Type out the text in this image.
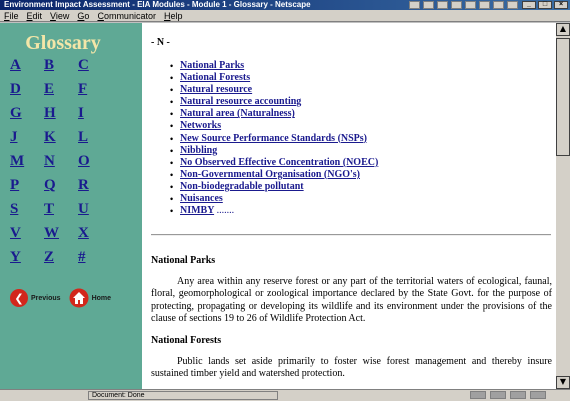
Environment Impact Assessment - EIA Modules - Module 1 - Glossary - Netscape	_	□	×
File Edit View Go Communicator Help
Glossary
A	B	C
D	E	F
G	H	I
J	K	L
M	N	O
P	Q	R
S	T	U
V	W	X
Y	Z	#
❮	Previous	Home
- N -
• National Parks
• National Forests
• Natural resource
• Natural resource accounting
• Natural area (Naturalness)
• Networks
• New Source Performance Standards (NSPs)
• Nibbling
• No Observed Effective Concentration (NOEC)
• Non-Governmental Organisation (NGO's)
• Non-biodegradable pollutant
• Nuisances
• NIMBY .......
National Parks

Any area within any reserve forest or any part of the territorial waters of ecological, faunal, floral, geomorphological or zoological importance declared by the State Govt. for the purpose of protecting, propagating or developing its wildlife and its environment under the provisions of the clause of sections 19 to 26 of Wildlife Protection Act.

National Forests

Public lands set aside primarily to foster wise forest management and thereby insure sustained timber yield and watershed protection.

▲
▼
Document: Done
